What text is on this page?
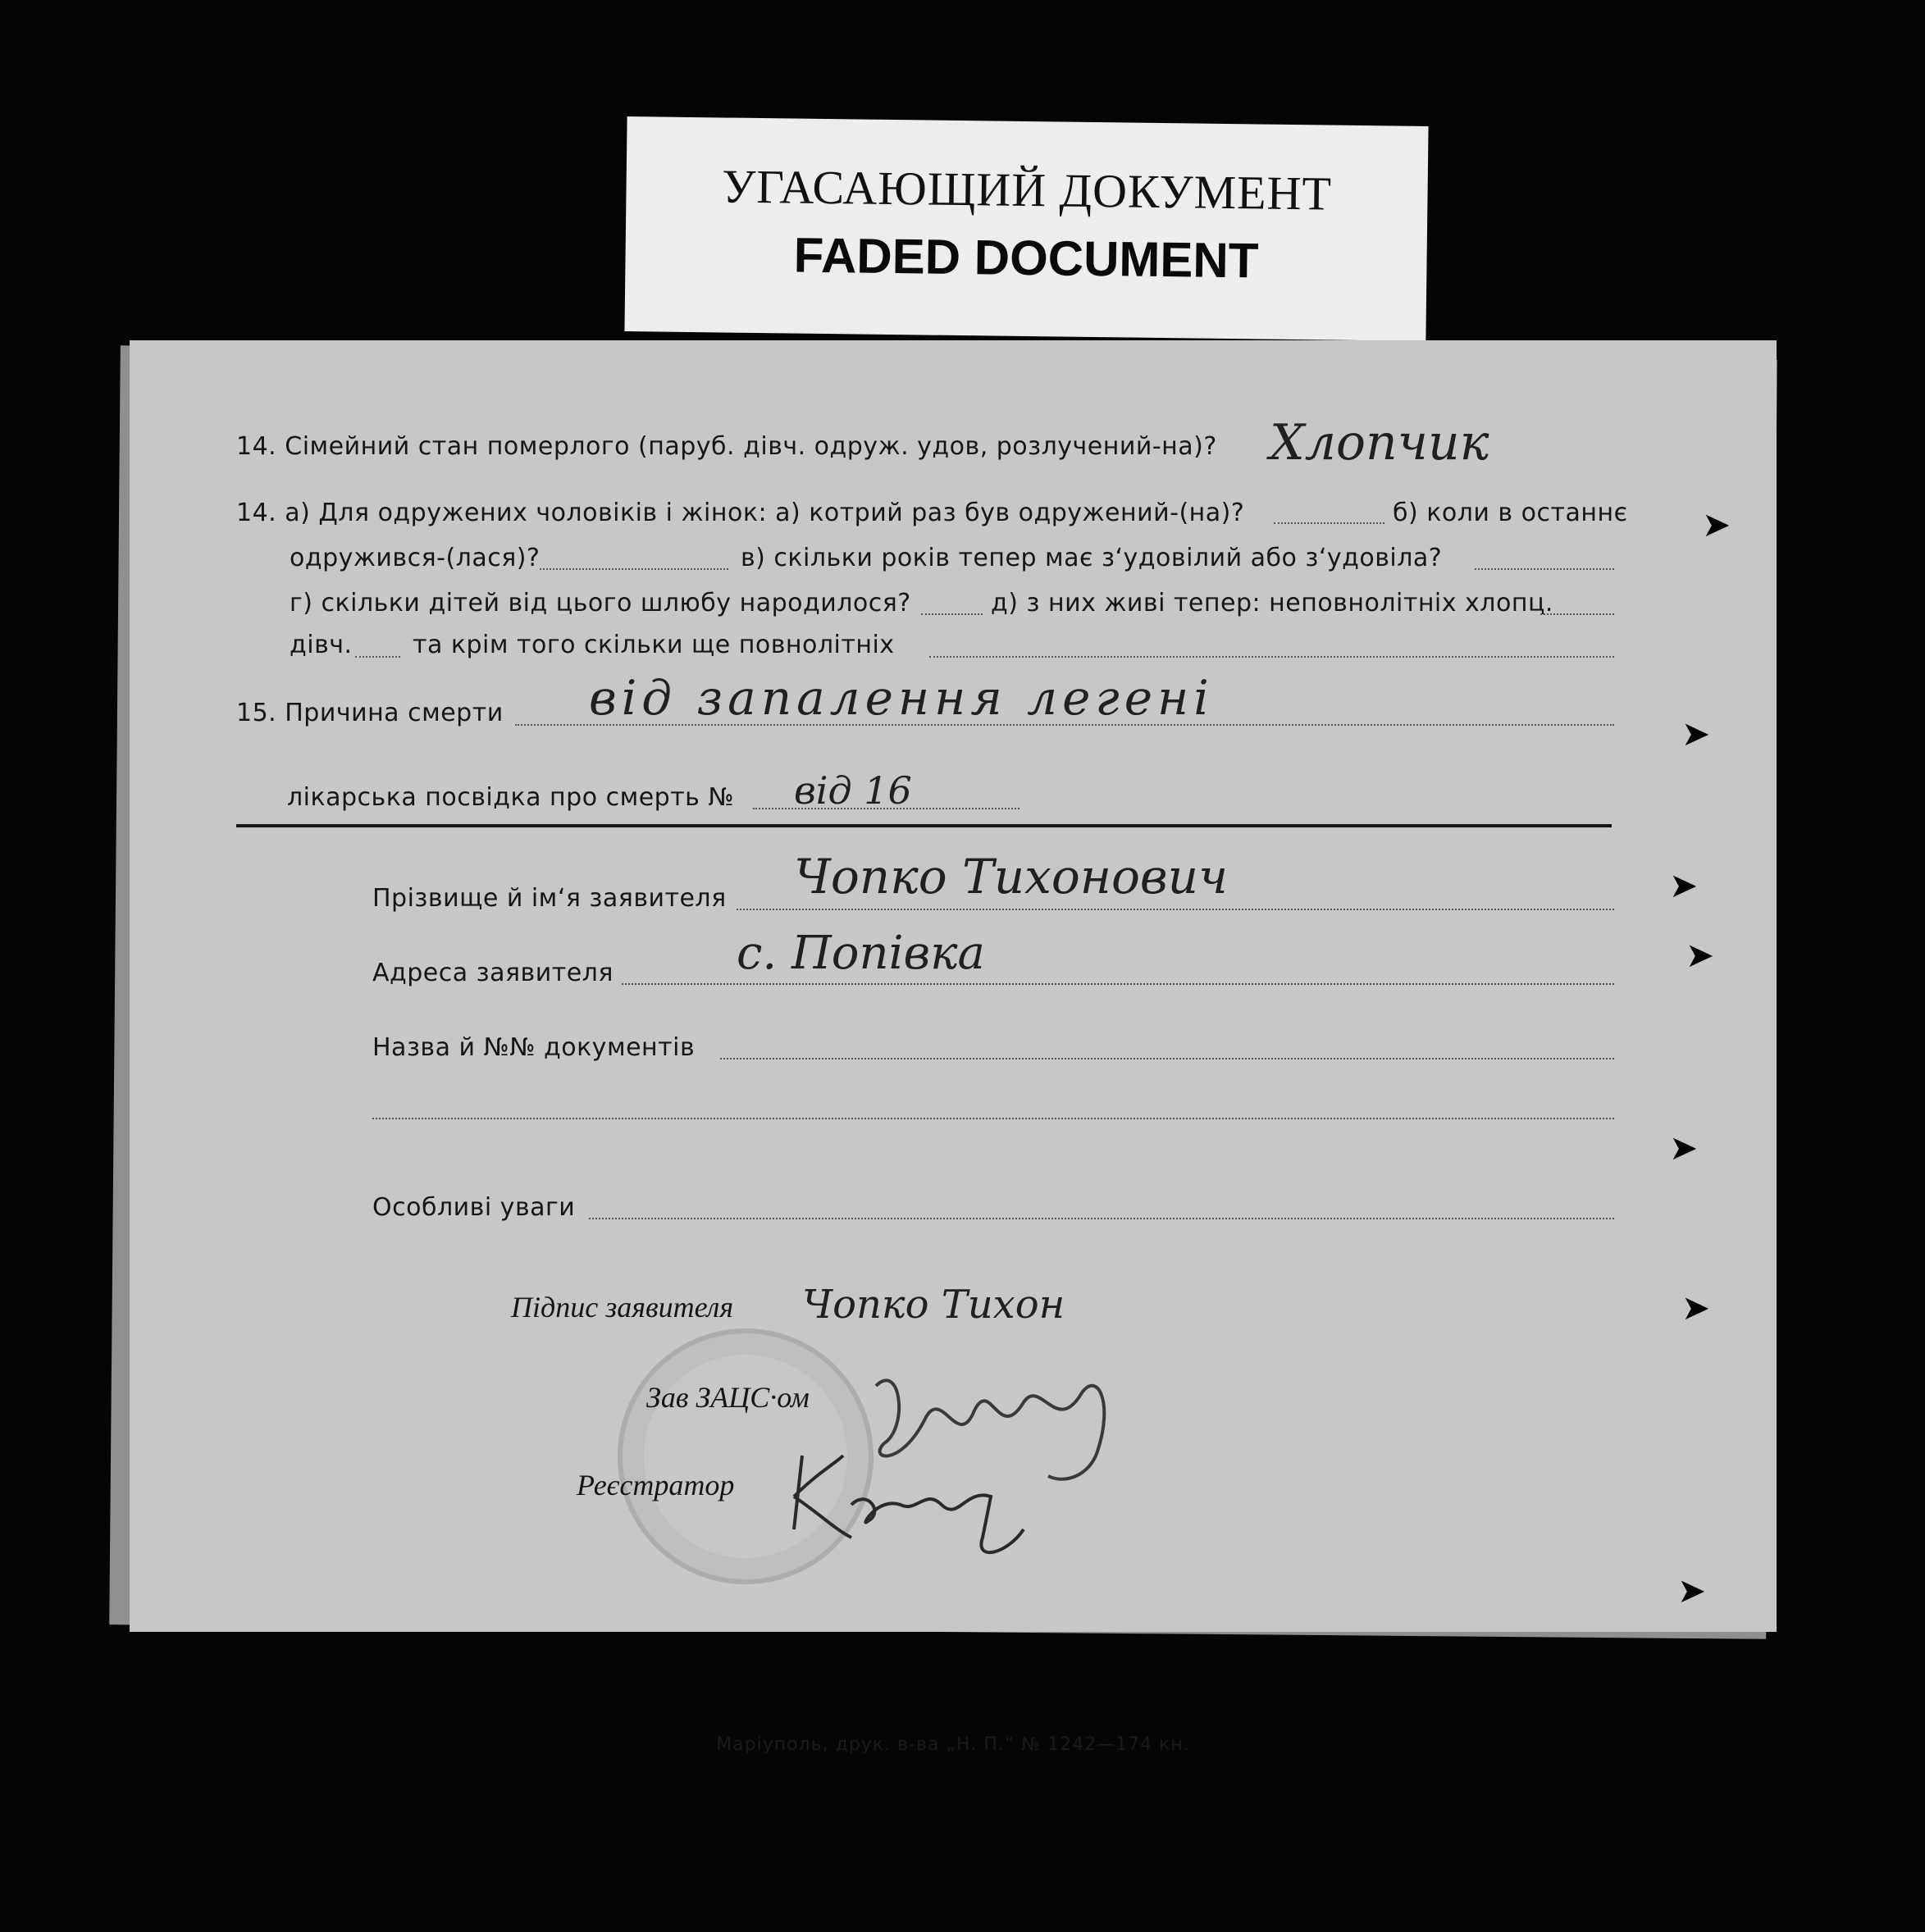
УГАСАЮЩИЙ ДОКУМЕНТ
FADED DOCUMENT
14. Сімейний стан померлого (паруб. дівч. одруж. удов, розлучений-на)? Хлопчик
14. а) Для одружених чоловіків і жінок: а) котрий раз був одружений-(на)?	б) коли в останнє
одружився-(лася)?	в) скільки років тепер має з‘удовілий або з‘удовіла?
г) скільки дітей від цього шлюбу народилося?	д) з них живі тепер: неповнолітніх хлопц.
дівч. та крім того скільки ще повнолітніх
15. Причина смерти від запалення легені
лікарська посвідка про смерть № від 16
Прізвище й ім‘я заявителя Чопко Тихонович
Адреса заявителя	с. Попівка
Назва й №№ документів
Особливі уваги
Підпис заявителя Чопко Тихон
Зав ЗАЦС·ом
Реєстратор
Маріуполь, друк. в-ва „Н. П.“ № 1242—174 кн.
➤
➤
➤
➤
➤
➤
➤
